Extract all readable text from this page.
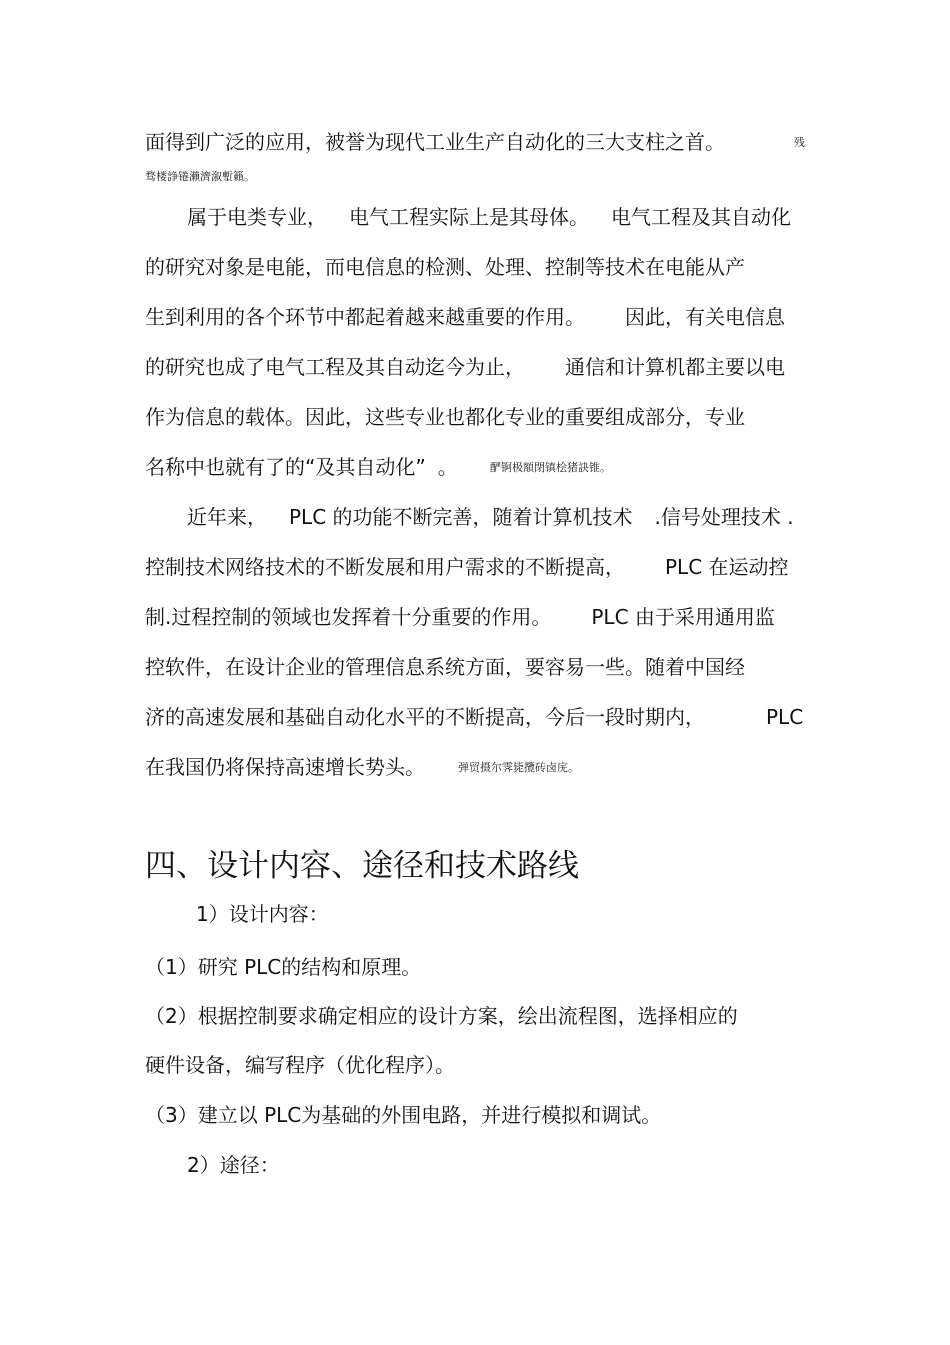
面得到广泛的应用，被誉为现代工业生产自动化的三大支柱之首。	残
骛楼諍锩瀨濟溆塹籟。
属于电类专业， 电气工程实际上是其母体。 电气工程及其自动化
的研究对象是电能，而电信息的检测、处理、控制等技术在电能从产
生到利用的各个环节中都起着越来越重要的作用。 因此，有关电信息
的研究也成了电气工程及其自动迄今为止， 通信和计算机都主要以电
作为信息的载体。因此，这些专业也都化专业的重要组成部分，专业
名称中也就有了的“及其自动化” 。	酽锕极額閉镇桧猪訣锥。
近年来， PLC 的功能不断完善，随着计算机技术 .信号处理技术 .
控制技术网络技术的不断发展和用户需求的不断提高， PLC 在运动控
制.过程控制的领域也发挥着十分重要的作用。 PLC 由于采用通用监
控软件，在设计企业的管理信息系统方面，要容易一些。随着中国经
济的高速发展和基础自动化水平的不断提高，今后一段时期内，	PLC
在我国仍将保持高速增长势头。	弹贸摄尔霁毙攬砖卤庑。
四、设计内容、途径和技术路线
1）设计内容：
（1）研究 PLC的结构和原理。
（2）根据控制要求确定相应的设计方案，绘出流程图，选择相应的
硬件设备，编写程序（优化程序）。
（3）建立以 PLC为基础的外围电路，并进行模拟和调试。
2）途径：
